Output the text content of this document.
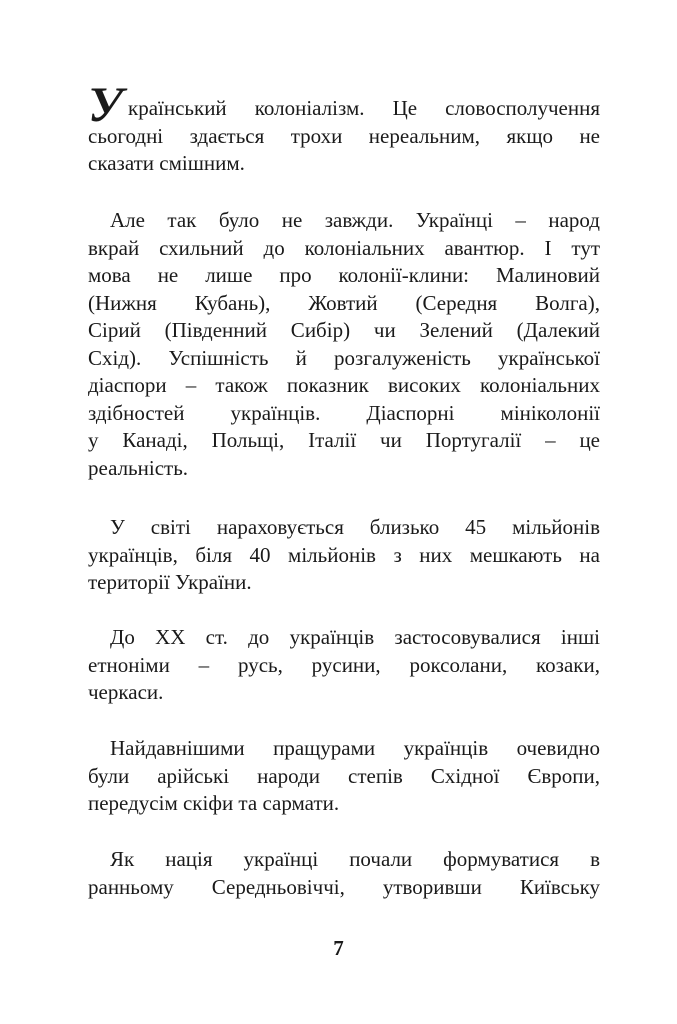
У країнський колоніалізм. Це словосполучення
сьогодні здається трохи нереальним, якщо не
сказати смішним.
Але так було не завжди. Українці – народ
вкрай схильний до колоніальних авантюр. І тут
мова не лише про колонії-клини: Малиновий
(Нижня Кубань), Жовтий (Середня Волга),
Сірий (Південний Сибір) чи Зелений (Далекий
Схід). Успішність й розгалуженість української
діаспори – також показник високих колоніальних
здібностей українців. Діаспорні мініколонії
у Канаді, Польщі, Італії чи Португалії – це
реальність.
У світі нараховується близько 45 мільйонів
українців, біля 40 мільйонів з них мешкають на
території України.
До XX ст. до українців застосовувалися інші
етноніми – русь, русини, роксолани, козаки,
черкаси.
Найдавнішими пращурами українців очевидно
були арійські народи степів Східної Європи,
передусім скіфи та сармати.
Як нація українці почали формуватися в
ранньому Середньовіччі, утворивши Київську
7
